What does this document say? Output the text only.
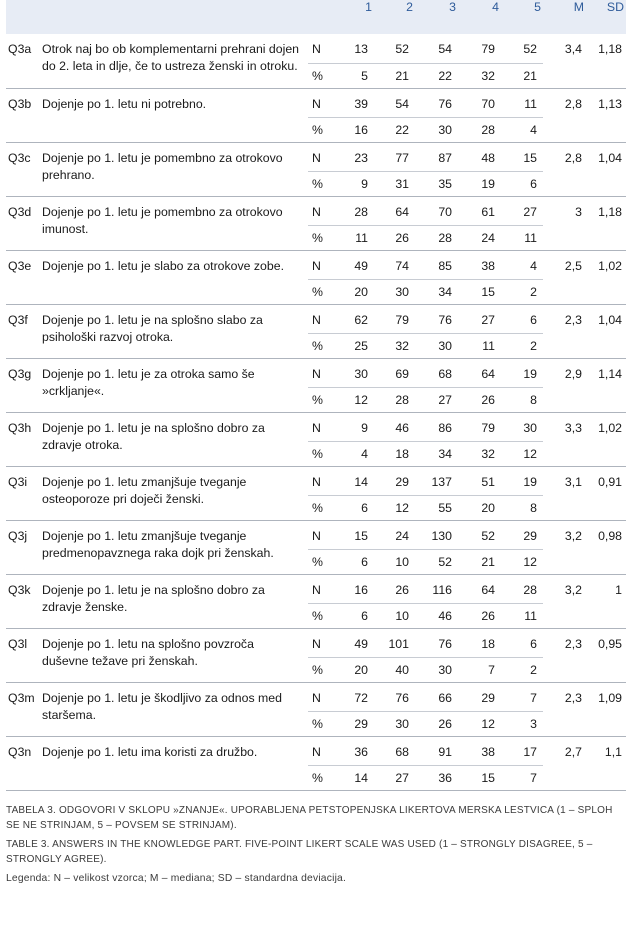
			1	2	3	4	5	M	SD
Q3a	Otrok naj bo ob komplementarni prehrani dojen do 2. leta in dlje, če to ustreza ženski in otroku.	N	13	52	54	79	52	3,4	1,18
		%	5	21	22	32	21		
Q3b	Dojenje po 1. letu ni potrebno.	N	39	54	76	70	11	2,8	1,13
		%	16	22	30	28	4		
Q3c	Dojenje po 1. letu je pomembno za otrokovo prehrano.	N	23	77	87	48	15	2,8	1,04
		%	9	31	35	19	6		
Q3d	Dojenje po 1. letu je pomembno za otrokovo imunost.	N	28	64	70	61	27	3	1,18
		%	11	26	28	24	11		
Q3e	Dojenje po 1. letu je slabo za otrokove zobe.	N	49	74	85	38	4	2,5	1,02
		%	20	30	34	15	2		
Q3f	Dojenje po 1. letu je na splošno slabo za psihološki razvoj otroka.	N	62	79	76	27	6	2,3	1,04
		%	25	32	30	11	2		
Q3g	Dojenje po 1. letu je za otroka samo še »crkljanje«.	N	30	69	68	64	19	2,9	1,14
		%	12	28	27	26	8		
Q3h	Dojenje po 1. letu je na splošno dobro za zdravje otroka.	N	9	46	86	79	30	3,3	1,02
		%	4	18	34	32	12		
Q3i	Dojenje po 1. letu zmanjšuje tveganje osteoporoze pri doječi ženski.	N	14	29	137	51	19	3,1	0,91
		%	6	12	55	20	8		
Q3j	Dojenje po 1. letu zmanjšuje tveganje predmenopavznega raka dojk pri ženskah.	N	15	24	130	52	29	3,2	0,98
		%	6	10	52	21	12		
Q3k	Dojenje po 1. letu je na splošno dobro za zdravje ženske.	N	16	26	116	64	28	3,2	1
		%	6	10	46	26	11		
Q3l	Dojenje po 1. letu na splošno povzroča duševne težave pri ženskah.	N	49	101	76	18	6	2,3	0,95
		%	20	40	30	7	2		
Q3m	Dojenje po 1. letu je škodljivo za odnos med staršema.	N	72	76	66	29	7	2,3	1,09
		%	29	30	26	12	3		
Q3n	Dojenje po 1. letu ima koristi za družbo.	N	36	68	91	38	17	2,7	1,1
		%	14	27	36	15	7		

TABELA 3. ODGOVORI V SKLOPU »ZNANJE«. UPORABLJENA PETSTOPENJSKA LIKERTOVA MERSKA LESTVICA (1 – SPLOH SE NE STRINJAM, 5 – POVSEM SE STRINJAM).

TABLE 3. ANSWERS IN THE KNOWLEDGE PART. FIVE-POINT LIKERT SCALE WAS USED (1 – STRONGLY DISAGREE, 5 – STRONGLY AGREE).

Legenda: N – velikost vzorca; M – mediana; SD – standardna deviacija.
